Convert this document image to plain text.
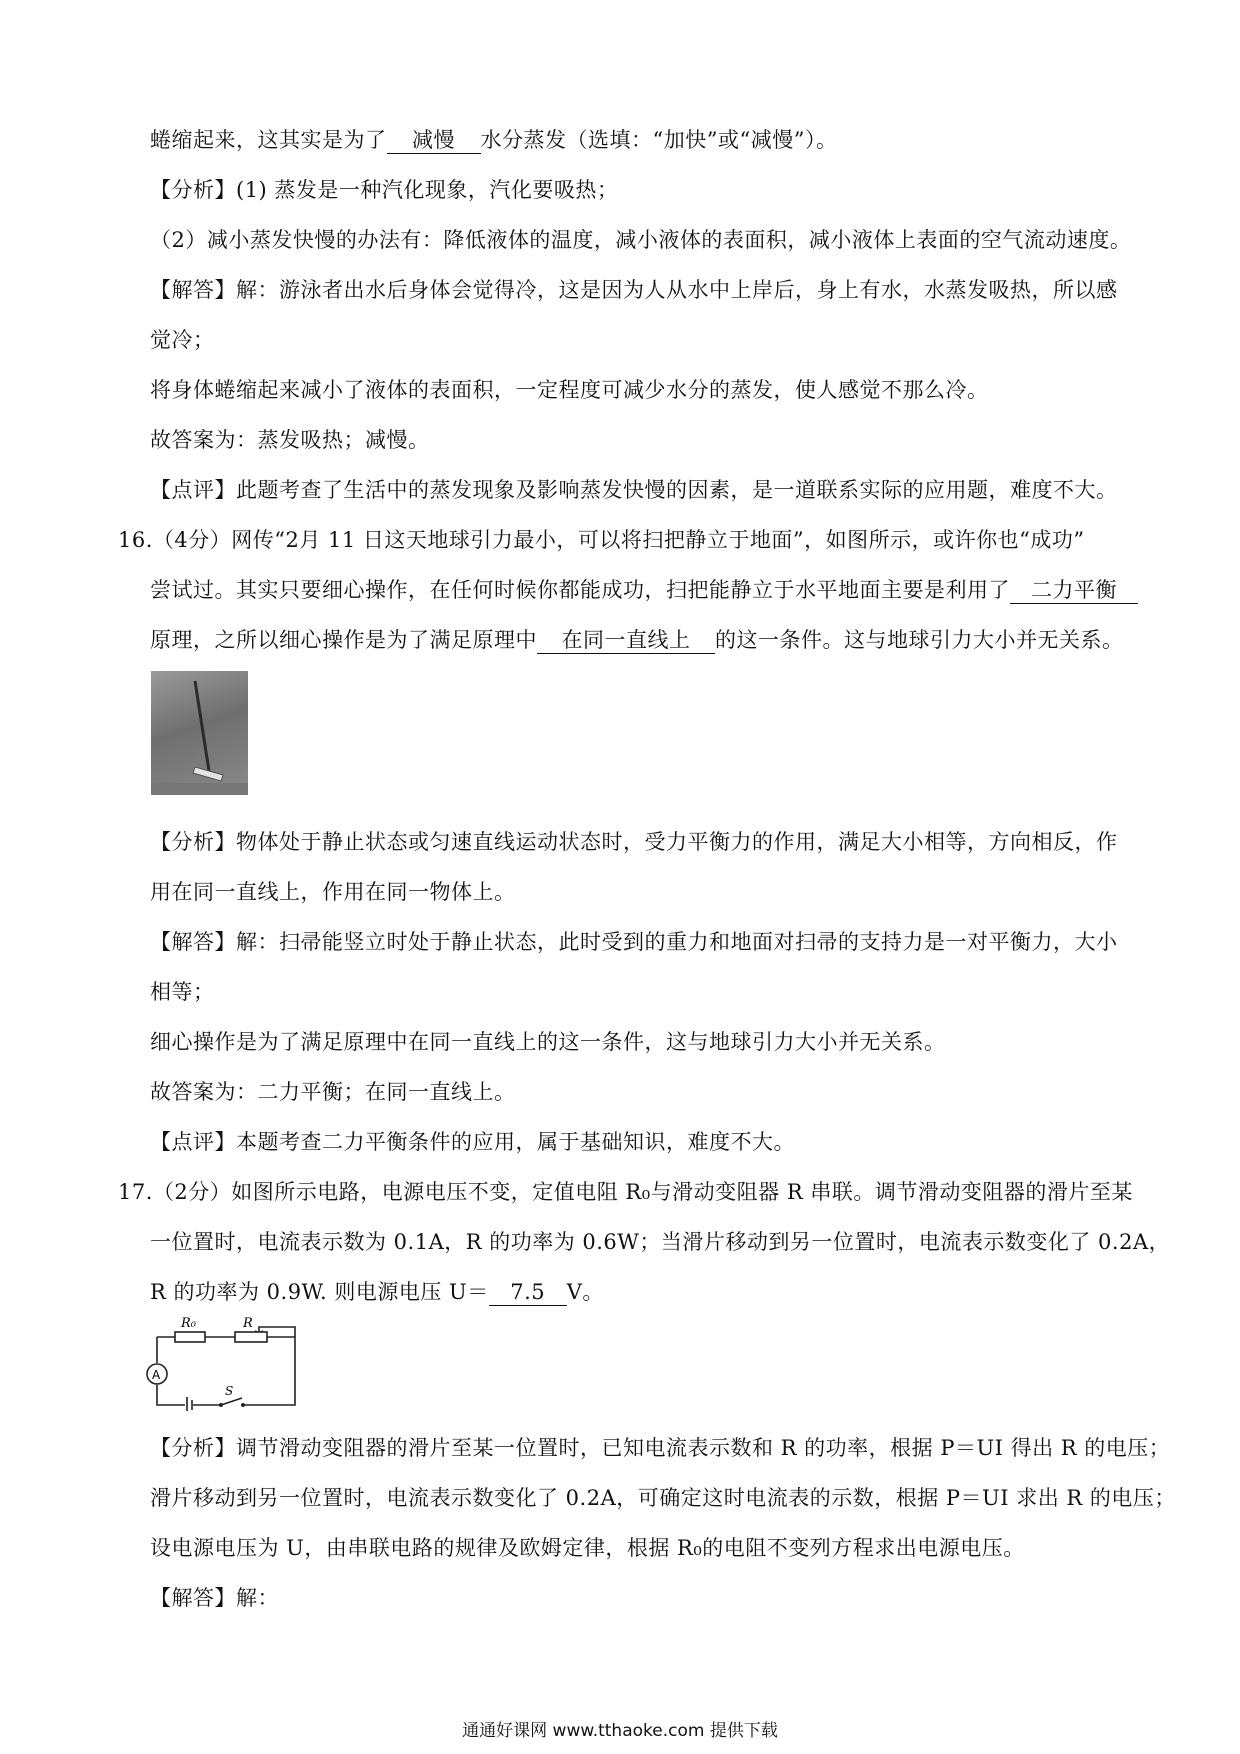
蜷缩起来，这其实是为了 减慢 水分蒸发（选填：“加快”或“减慢”）。
【分析】(1) 蒸发是一种汽化现象，汽化要吸热；
（2）减小蒸发快慢的办法有：降低液体的温度，减小液体的表面积，减小液体上表面的空气流动速度。
【解答】解：游泳者出水后身体会觉得冷，这是因为人从水中上岸后，身上有水，水蒸发吸热，所以感
觉冷；
将身体蜷缩起来减小了液体的表面积，一定程度可减少水分的蒸发，使人感觉不那么冷。
故答案为：蒸发吸热；减慢。
【点评】此题考查了生活中的蒸发现象及影响蒸发快慢的因素，是一道联系实际的应用题，难度不大。
16.（4分）网传“2月 11 日这天地球引力最小，可以将扫把静立于地面”，如图所示，或许你也“成功”
尝试过。其实只要细心操作，在任何时候你都能成功，扫把能静立于水平地面主要是利用了 二力平衡
原理，之所以细心操作是为了满足原理中 在同一直线上 的这一条件。这与地球引力大小并无关系。
【分析】物体处于静止状态或匀速直线运动状态时，受力平衡力的作用，满足大小相等，方向相反，作
用在同一直线上，作用在同一物体上。
【解答】解：扫帚能竖立时处于静止状态，此时受到的重力和地面对扫帚的支持力是一对平衡力，大小
相等；
细心操作是为了满足原理中在同一直线上的这一条件，这与地球引力大小并无关系。
故答案为：二力平衡；在同一直线上。
【点评】本题考查二力平衡条件的应用，属于基础知识，难度不大。
17.（2分）如图所示电路，电源电压不变，定值电阻 R₀与滑动变阻器 R 串联。调节滑动变阻器的滑片至某
一位置时，电流表示数为 0.1A，R 的功率为 0.6W；当滑片移动到另一位置时，电流表示数变化了 0.2A，
R 的功率为 0.9W. 则电源电压 U＝ 7.5 V。
R₀	R
A
S
【分析】调节滑动变阻器的滑片至某一位置时，已知电流表示数和 R 的功率，根据 P＝UI 得出 R 的电压；
滑片移动到另一位置时，电流表示数变化了 0.2A，可确定这时电流表的示数，根据 P＝UI 求出 R 的电压；
设电源电压为 U，由串联电路的规律及欧姆定律，根据 R₀的电阻不变列方程求出电源电压。
【解答】解：
通通好课网 www.tthaoke.com 提供下载
